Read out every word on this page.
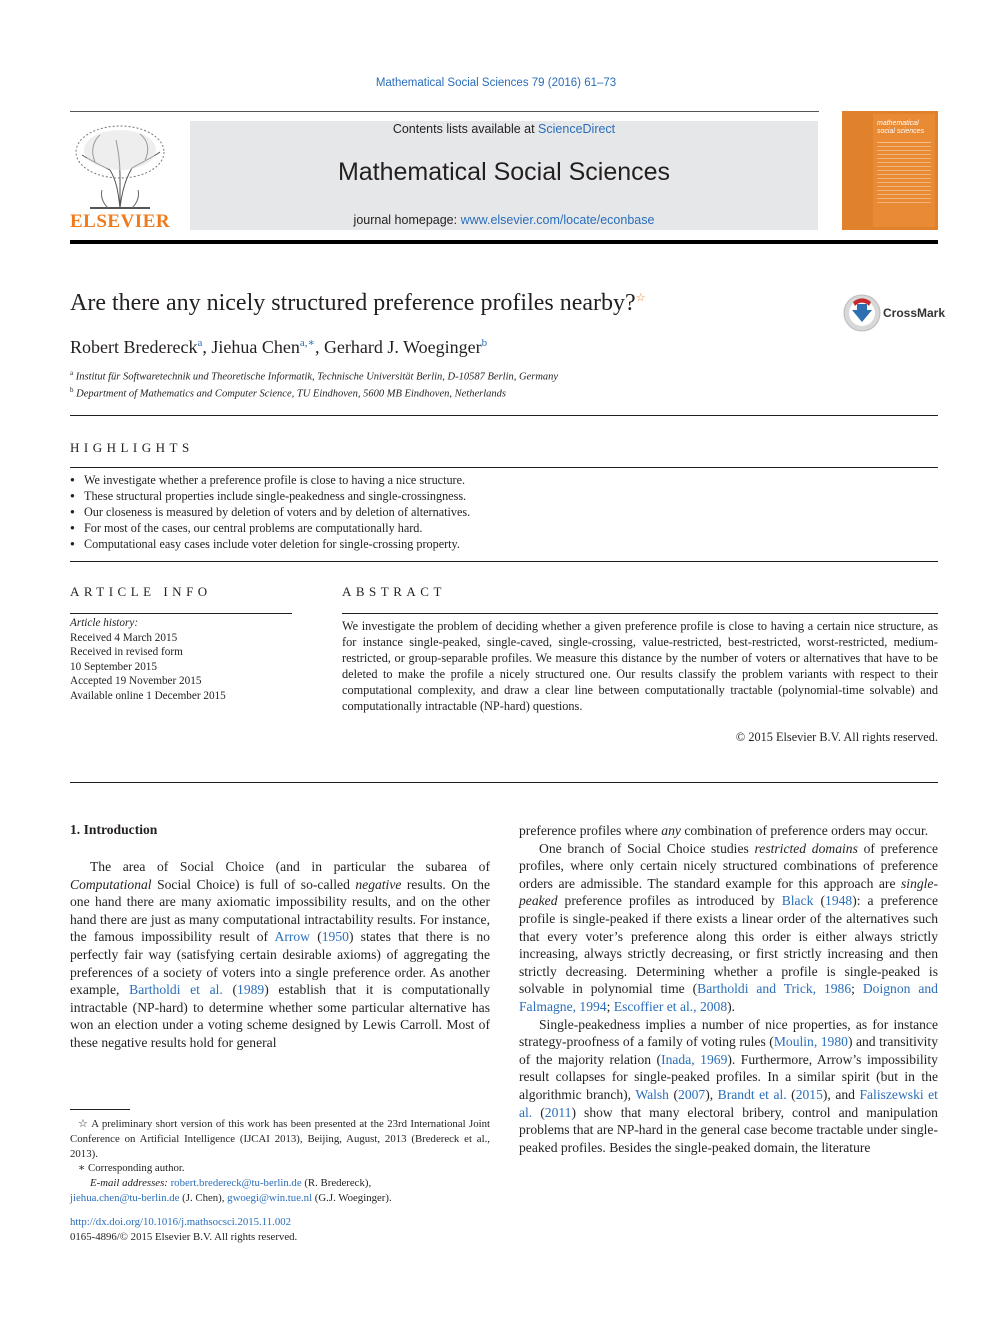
Mathematical Social Sciences 79 (2016) 61–73
ELSEVIER
Contents lists available at ScienceDirect
Mathematical Social Sciences
journal homepage: www.elsevier.com/locate/econbase
mathematical social sciences
Are there any nicely structured preference profiles nearby?☆
CrossMark
Robert Bredereck$^a$, Jiehua Chen$^{a,∗}$, Gerhard J. Woeginger$^b$
$^a$ Institut für Softwaretechnik und Theoretische Informatik, Technische Universität Berlin, D-10587 Berlin, Germany
$^b$ Department of Mathematics and Computer Science, TU Eindhoven, 5600 MB Eindhoven, Netherlands
HIGHLIGHTS
● We investigate whether a preference profile is close to having a nice structure.
● These structural properties include single-peakedness and single-crossingness.
● Our closeness is measured by deletion of voters and by deletion of alternatives.
● For most of the cases, our central problems are computationally hard.
● Computational easy cases include voter deletion for single-crossing property.
ARTICLE INFO
Article history:
Received 4 March 2015
Received in revised form
10 September 2015
Accepted 19 November 2015
Available online 1 December 2015
ABSTRACT
We investigate the problem of deciding whether a given preference profile is close to having a certain nice structure, as for instance single-peaked, single-caved, single-crossing, value-restricted, best-restricted, worst-restricted, medium-restricted, or group-separable profiles. We measure this distance by the number of voters or alternatives that have to be deleted to make the profile a nicely structured one. Our results classify the problem variants with respect to their computational complexity, and draw a clear line between computationally tractable (polynomial-time solvable) and computationally intractable (NP-hard) questions.
© 2015 Elsevier B.V. All rights reserved.
1. Introduction

The area of Social Choice (and in particular the subarea of Computational Social Choice) is full of so-called negative results. On the one hand there are many axiomatic impossibility results, and on the other hand there are just as many computational intractability results. For instance, the famous impossibility result of Arrow (1950) states that there is no perfectly fair way (satisfying certain desirable axioms) of aggregating the preferences of a society of voters into a single preference order. As another example, Bartholdi et al. (1989) establish that it is computationally intractable (NP-hard) to determine whether some particular alternative has won an election under a voting scheme designed by Lewis Carroll. Most of these negative results hold for general

preference profiles where any combination of preference orders may occur.

One branch of Social Choice studies restricted domains of preference profiles, where only certain nicely structured combinations of preference orders are admissible. The standard example for this approach are single-peaked preference profiles as introduced by Black (1948): a preference profile is single-peaked if there exists a linear order of the alternatives such that every voter’s preference along this order is either always strictly increasing, always strictly decreasing, or first strictly increasing and then strictly decreasing. Determining whether a profile is single-peaked is solvable in polynomial time (Bartholdi and Trick, 1986; Doignon and Falmagne, 1994; Escoffier et al., 2008).

Single-peakedness implies a number of nice properties, as for instance strategy-proofness of a family of voting rules (Moulin, 1980) and transitivity of the majority relation (Inada, 1969). Furthermore, Arrow’s impossibility result collapses for single-peaked profiles. In a similar spirit (but in the algorithmic branch), Walsh (2007), Brandt et al. (2015), and Faliszewski et al. (2011) show that many electoral bribery, control and manipulation problems that are NP-hard in the general case become tractable under single-peaked profiles. Besides the single-peaked domain, the literature

☆ A preliminary short version of this work has been presented at the 23rd International Joint Conference on Artificial Intelligence (IJCAI 2013), Beijing, August, 2013 (Bredereck et al., 2013).
∗ Corresponding author.
E-mail addresses: robert.bredereck@tu-berlin.de (R. Bredereck),
jiehua.chen@tu-berlin.de (J. Chen), gwoegi@win.tue.nl (G.J. Woeginger).
http://dx.doi.org/10.1016/j.mathsocsci.2015.11.002
0165-4896/© 2015 Elsevier B.V. All rights reserved.
